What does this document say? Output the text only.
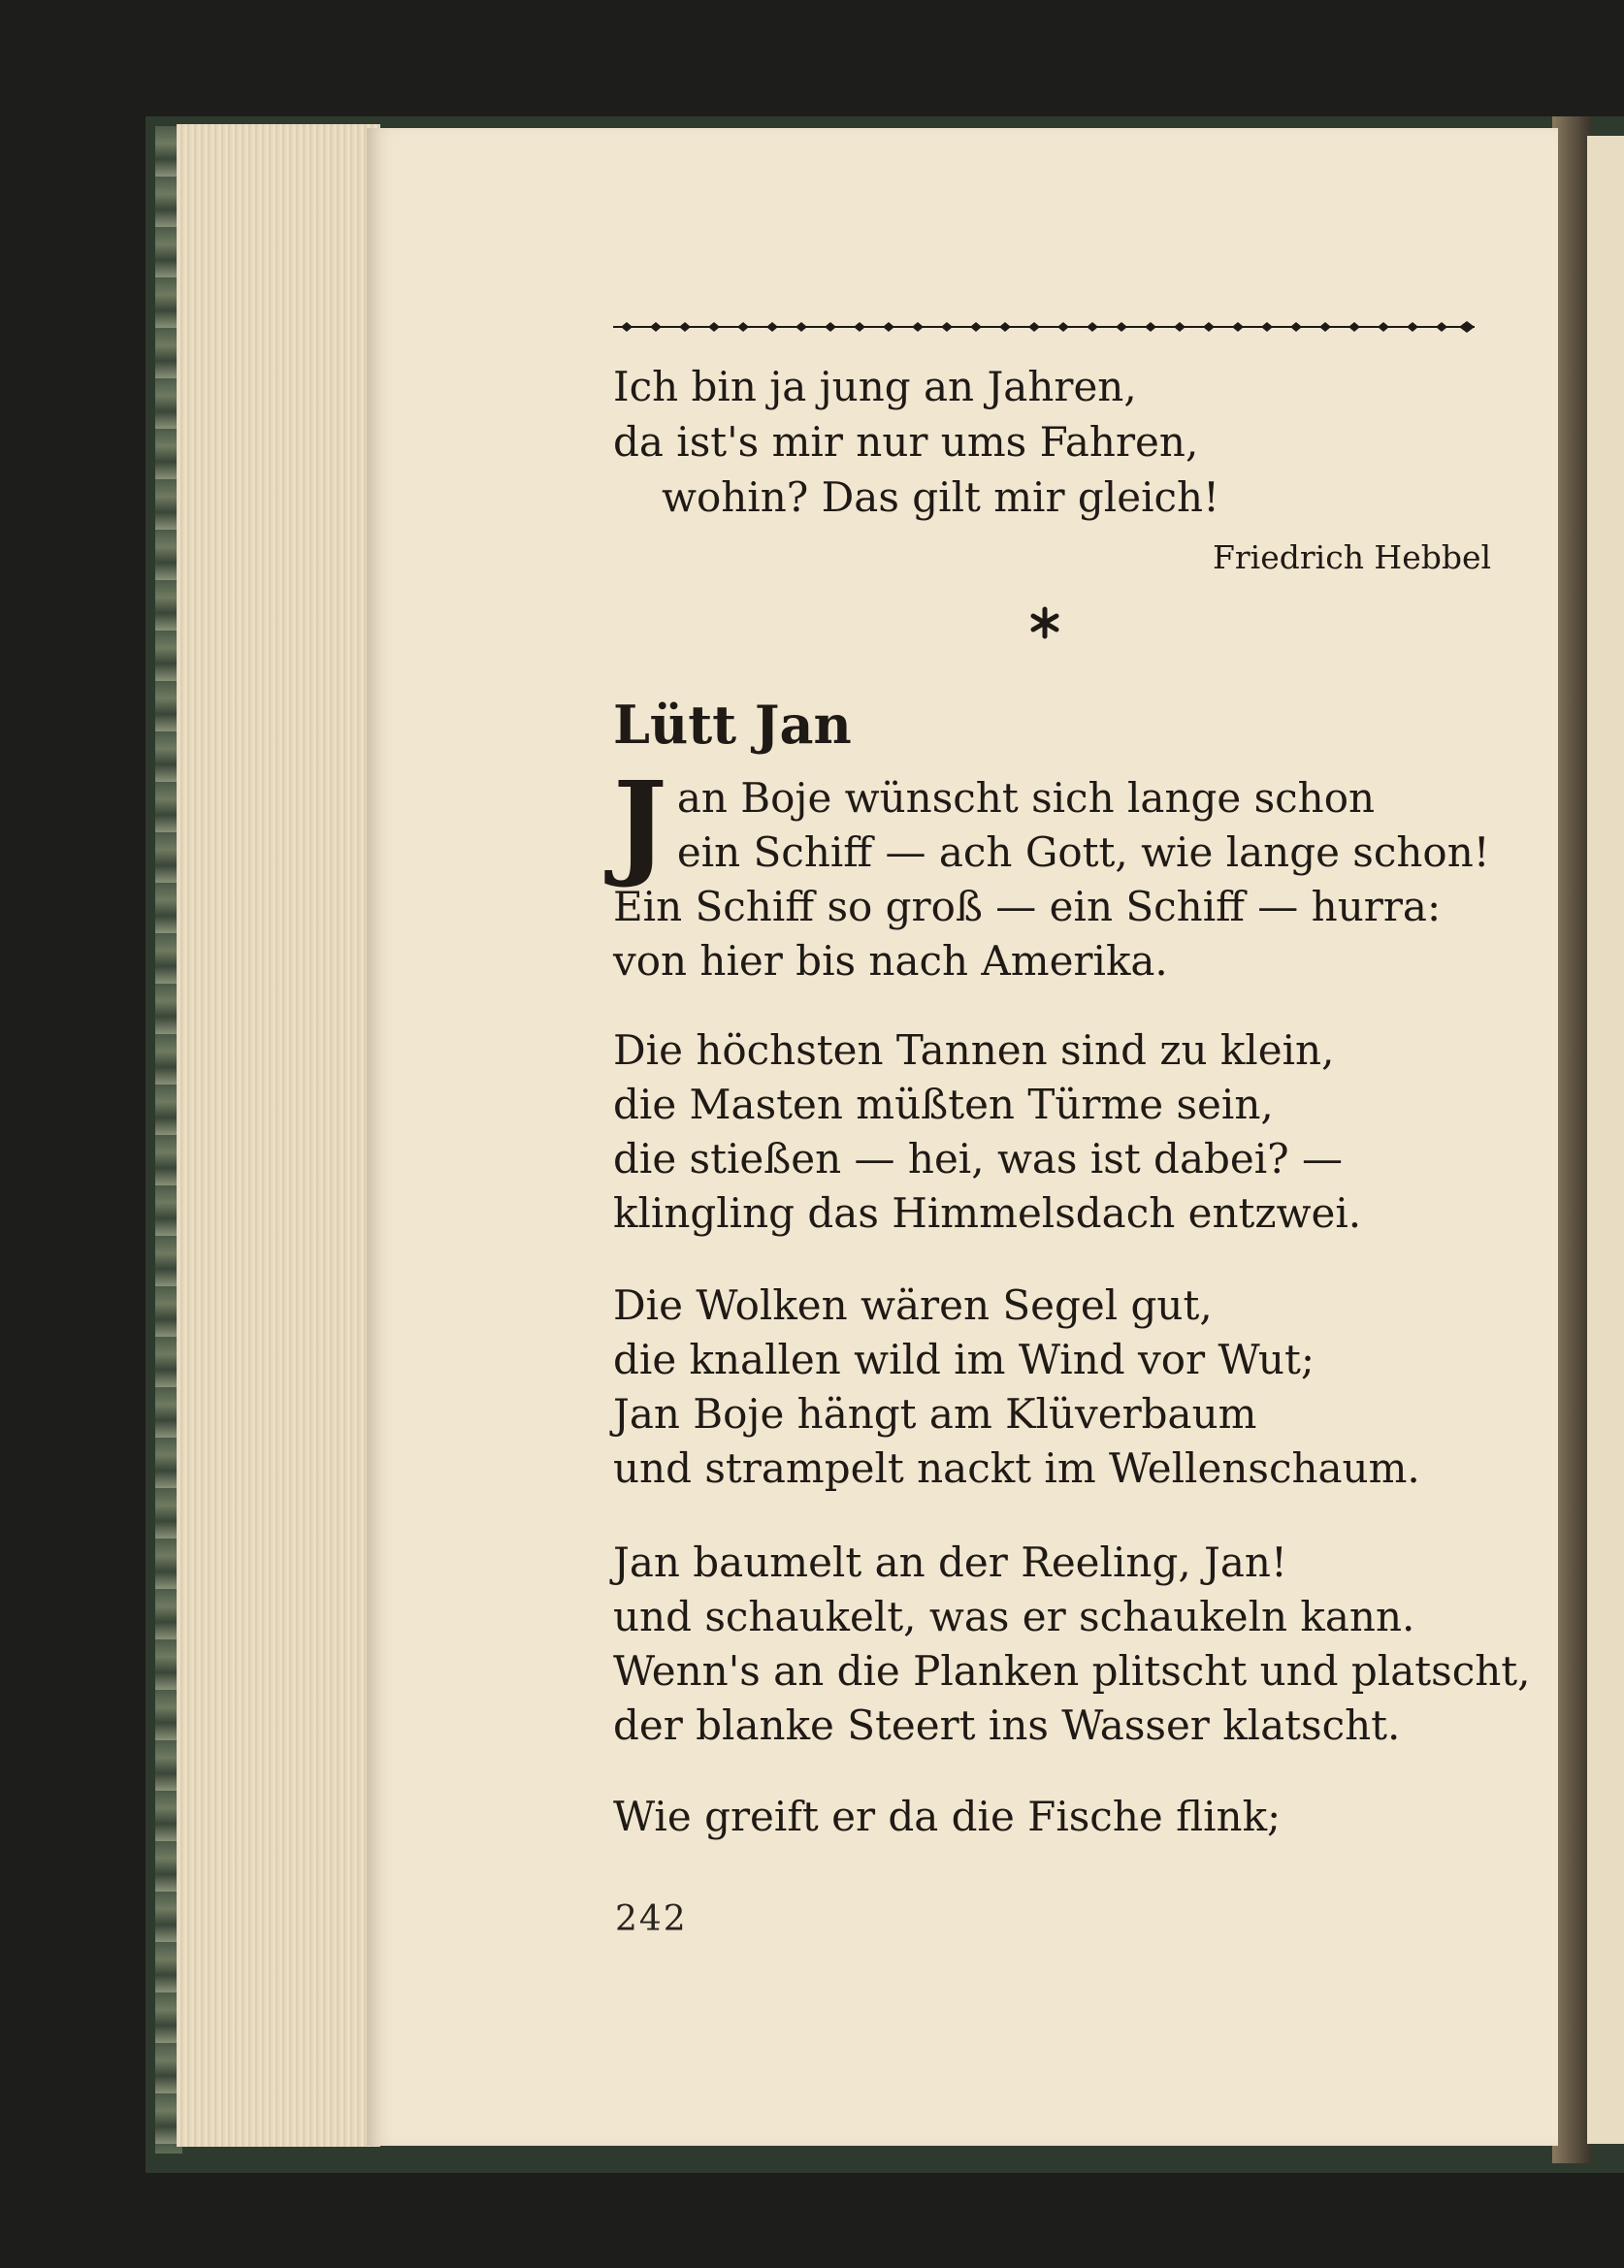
Ich bin ja jung an Jahren,
da ist's mir nur ums Fahren,
wohin? Das gilt mir gleich!
Friedrich Hebbel
Lütt Jan
J an Boje wünscht sich lange schon
ein Schiff — ach Gott, wie lange schon!
Ein Schiff so groß — ein Schiff — hurra:
von hier bis nach Amerika.
Die höchsten Tannen sind zu klein,
die Masten müßten Türme sein,
die stießen — hei, was ist dabei? —
klingling das Himmelsdach entzwei.
Die Wolken wären Segel gut,
die knallen wild im Wind vor Wut;
Jan Boje hängt am Klüverbaum
und strampelt nackt im Wellenschaum.
Jan baumelt an der Reeling, Jan!
und schaukelt, was er schaukeln kann.
Wenn's an die Planken plitscht und platscht,
der blanke Steert ins Wasser klatscht.
Wie greift er da die Fische flink;
242
